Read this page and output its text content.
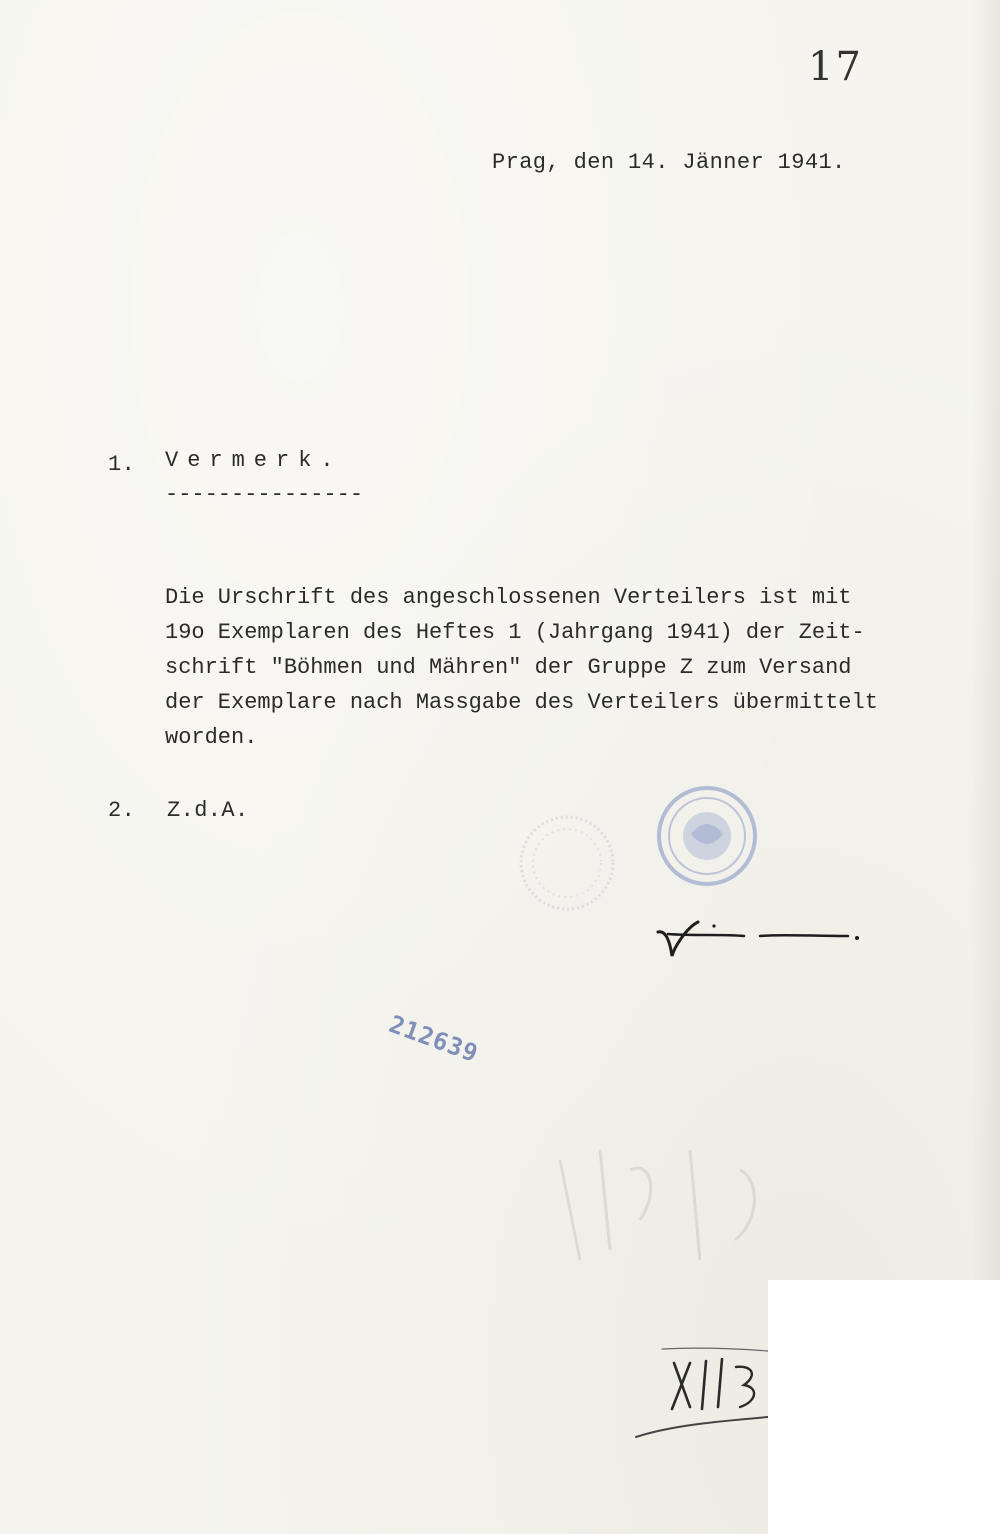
17
Prag, den 14. Jänner 1941.
1. Vermerk.
---------------
Die Urschrift des angeschlossenen Verteilers ist mit
19o Exemplaren des Heftes 1 (Jahrgang 1941) der Zeit-
schrift "Böhmen und Mähren" der Gruppe Z zum Versand
der Exemplare nach Massgabe des Verteilers übermittelt
worden.
2. Z.d.A.
212639
